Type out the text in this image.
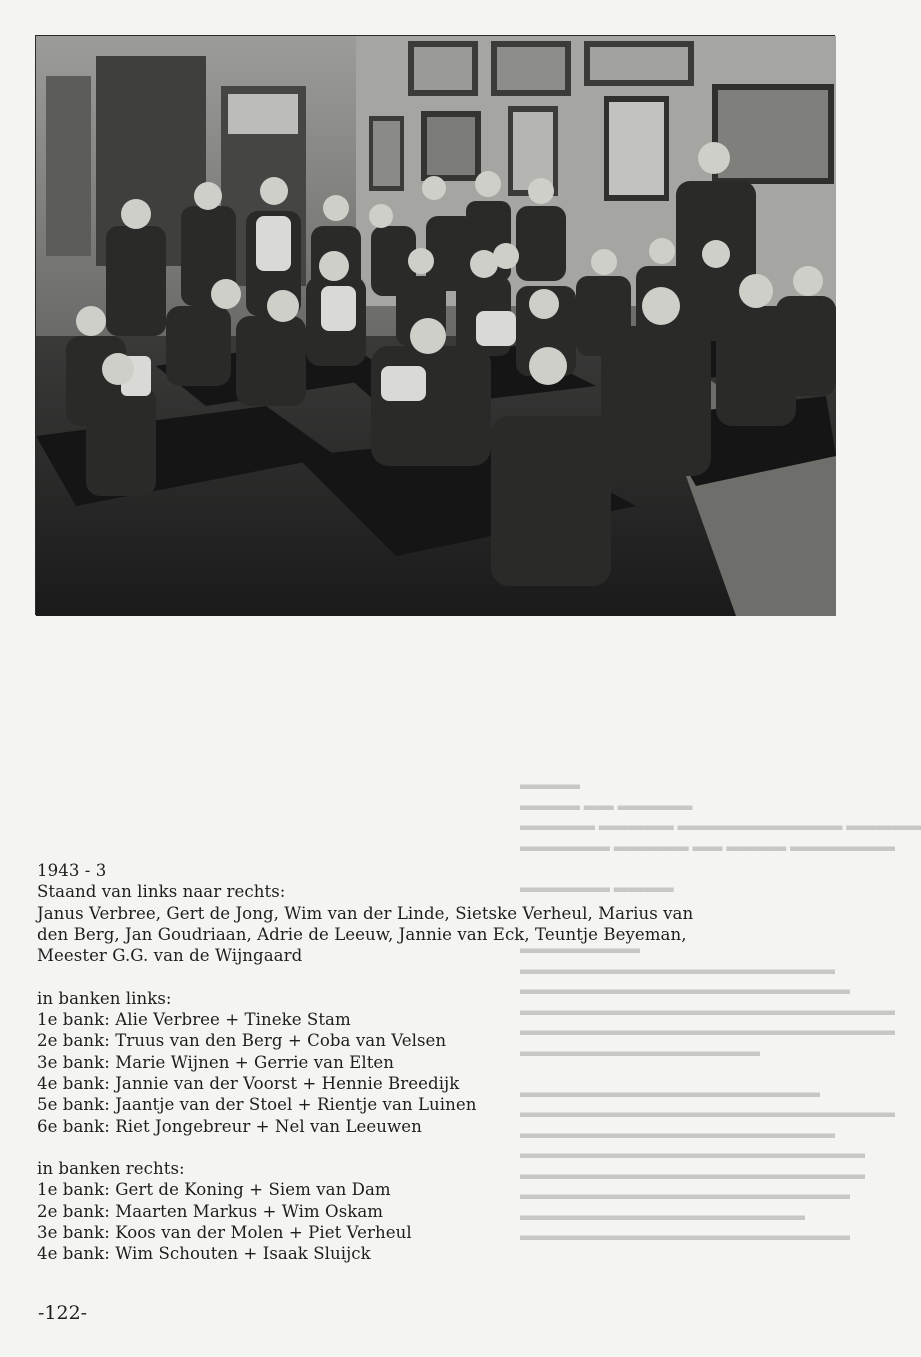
▬▬▬▬
▬▬▬▬ ▬▬ ▬▬▬▬▬
▬▬▬▬▬ ▬▬▬▬▬ ▬▬▬▬▬▬▬▬▬▬▬ ▬▬▬▬▬
▬▬▬▬▬▬ ▬▬▬▬▬ ▬▬ ▬▬▬▬ ▬▬▬▬▬▬▬
▬▬▬▬▬▬ ▬▬▬▬
▬▬▬▬▬▬▬▬
▬▬▬▬▬▬▬▬▬▬▬▬▬▬▬▬▬▬▬▬▬
▬▬▬▬▬▬▬▬▬▬▬▬▬▬▬▬▬▬▬▬▬▬
▬▬▬▬▬▬▬▬▬▬▬▬▬▬▬▬▬▬▬▬▬▬▬▬▬
▬▬▬▬▬▬▬▬▬▬▬▬▬▬▬▬▬▬▬▬▬▬▬▬▬
▬▬▬▬▬▬▬▬▬▬▬▬▬▬▬▬
▬▬▬▬▬▬▬▬▬▬▬▬▬▬▬▬▬▬▬▬
▬▬▬▬▬▬▬▬▬▬▬▬▬▬▬▬▬▬▬▬▬▬▬▬▬
▬▬▬▬▬▬▬▬▬▬▬▬▬▬▬▬▬▬▬▬▬
▬▬▬▬▬▬▬▬▬▬▬▬▬▬▬▬▬▬▬▬▬▬▬
▬▬▬▬▬▬▬▬▬▬▬▬▬▬▬▬▬▬▬▬▬▬▬
▬▬▬▬▬▬▬▬▬▬▬▬▬▬▬▬▬▬▬▬▬▬
▬▬▬▬▬▬▬▬▬▬▬▬▬▬▬▬▬▬▬
▬▬▬▬▬▬▬▬▬▬▬▬▬▬▬▬▬▬▬▬▬▬
1943 - 3
Staand van links naar rechts:
Janus Verbree, Gert de Jong, Wim van der Linde, Sietske Verheul, Marius van
den Berg, Jan Goudriaan, Adrie de Leeuw, Jannie van Eck, Teuntje Beyeman,
Meester G.G. van de Wijngaard
in banken links:
1e bank: Alie Verbree + Tineke Stam
2e bank: Truus van den Berg + Coba van Velsen
3e bank: Marie Wijnen + Gerrie van Elten
4e bank: Jannie van der Voorst + Hennie Breedijk
5e bank: Jaantje van der Stoel + Rientje van Luinen
6e bank: Riet Jongebreur + Nel van Leeuwen
in banken rechts:
1e bank: Gert de Koning + Siem van Dam
2e bank: Maarten Markus + Wim Oskam
3e bank: Koos van der Molen + Piet Verheul
4e bank: Wim Schouten + Isaak Sluijck
-122-
